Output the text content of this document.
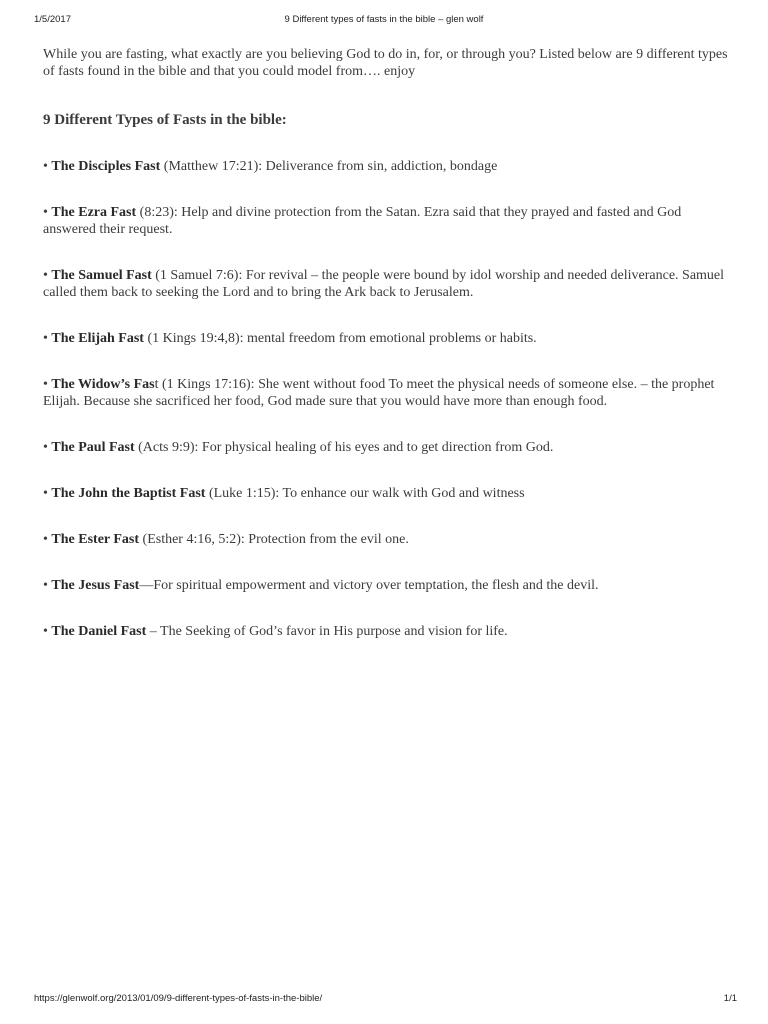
1/5/2017	9 Different types of fasts in the bible – glen wolf

While you are fasting, what exactly are you believing God to do in, for, or through you? Listed below are 9 different types of fasts found in the bible and that you could model from…. enjoy

9 Different Types of Fasts in the bible:

• The Disciples Fast (Matthew 17:21): Deliverance from sin, addiction, bondage
• The Ezra Fast (8:23): Help and divine protection from the Satan. Ezra said that they prayed and fasted and God answered their request.
• The Samuel Fast (1 Samuel 7:6): For revival – the people were bound by idol worship and needed deliverance. Samuel called them back to seeking the Lord and to bring the Ark back to Jerusalem.
• The Elijah Fast (1 Kings 19:4,8): mental freedom from emotional problems or habits.
• The Widow’s Fast (1 Kings 17:16): She went without food To meet the physical needs of someone else. – the prophet Elijah. Because she sacrificed her food, God made sure that you would have more than enough food.
• The Paul Fast (Acts 9:9): For physical healing of his eyes and to get direction from God.
• The John the Baptist Fast (Luke 1:15): To enhance our walk with God and witness
• The Ester Fast (Esther 4:16, 5:2): Protection from the evil one.
• The Jesus Fast—For spiritual empowerment and victory over temptation, the flesh and the devil.
• The Daniel Fast – The Seeking of God’s favor in His purpose and vision for life.
https://glenwolf.org/2013/01/09/9-different-types-of-fasts-in-the-bible/	1/1
